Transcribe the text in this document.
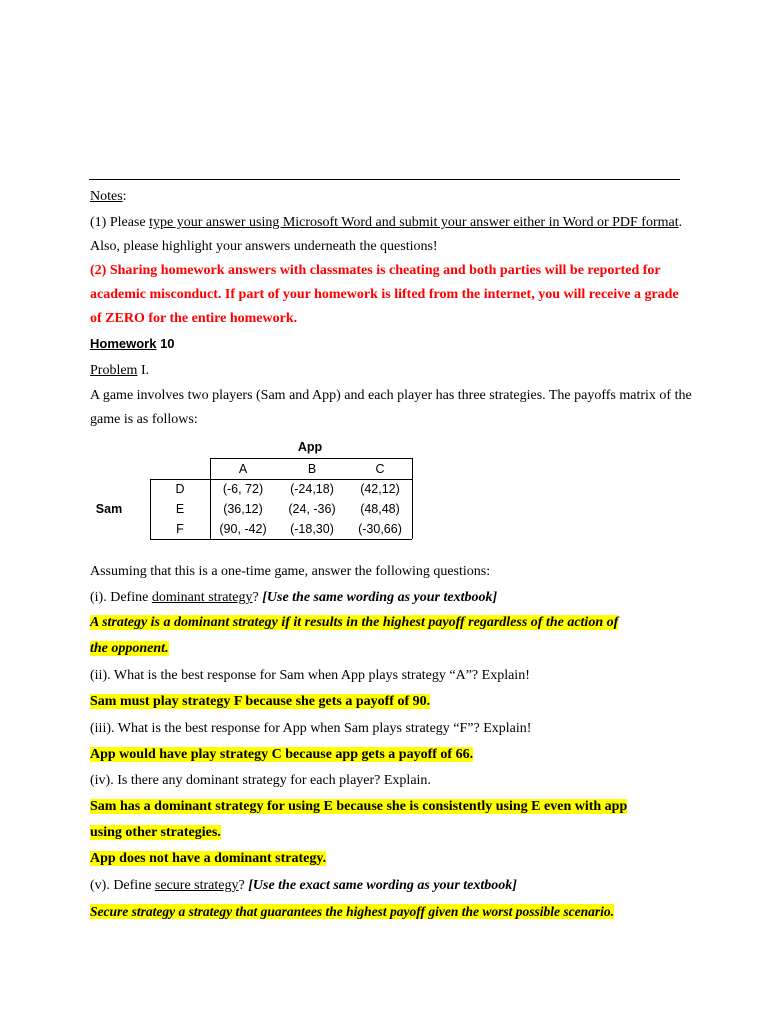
Notes:
(1) Please type your answer using Microsoft Word and submit your answer either in Word or PDF format.
Also, please highlight your answers underneath the questions!
(2) Sharing homework answers with classmates is cheating and both parties will be reported for
academic misconduct. If part of your homework is lifted from the internet, you will receive a grade
of ZERO for the entire homework.
Homework 10
Problem I.
A game involves two players (Sam and App) and each player has three strategies. The payoffs matrix of the
game is as follows:
App
Sam
A	B	C
D	(-6, 72)	(-24,18)	(42,12)
E	(36,12)	(24, -36)	(48,48)
F	(90, -42)	(-18,30)	(-30,66)
Assuming that this is a one-time game, answer the following questions:
(i). Define dominant strategy? [Use the same wording as your textbook]
A strategy is a dominant strategy if it results in the highest payoff regardless of the action of
the opponent.
(ii). What is the best response for Sam when App plays strategy “A”? Explain!
Sam must play strategy F because she gets a payoff of 90.
(iii). What is the best response for App when Sam plays strategy “F”? Explain!
App would have play strategy C because app gets a payoff of 66.
(iv). Is there any dominant strategy for each player? Explain.
Sam has a dominant strategy for using E because she is consistently using E even with app
using other strategies.
App does not have a dominant strategy.
(v). Define secure strategy? [Use the exact same wording as your textbook]
Secure strategy a strategy that guarantees the highest payoff given the worst possible scenario.
